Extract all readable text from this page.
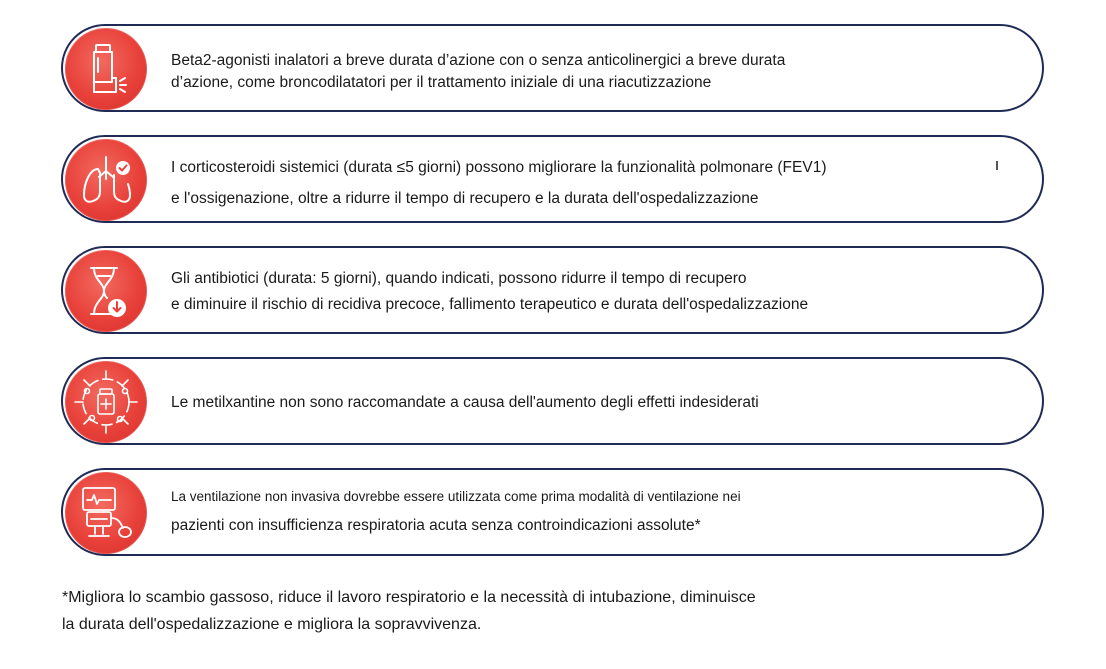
Beta2-agonisti inalatori a breve durata d’azione con o senza anticolinergici a breve durata
d’azione, come broncodilatatori per il trattamento iniziale di una riacutizzazione
I corticosteroidi sistemici (durata ≤5 giorni) possono migliorare la funzionalità polmonare (FEV1)
e l'ossigenazione, oltre a ridurre il tempo di recupero e la durata dell'ospedalizzazione
Gli antibiotici (durata: 5 giorni), quando indicati, possono ridurre il tempo di recupero
e diminuire il rischio di recidiva precoce, fallimento terapeutico e durata dell'ospedalizzazione
Le metilxantine non sono raccomandate a causa dell'aumento degli effetti indesiderati
La ventilazione non invasiva dovrebbe essere utilizzata come prima modalità di ventilazione nei
pazienti con insufficienza respiratoria acuta senza controindicazioni assolute*
*Migliora lo scambio gassoso, riduce il lavoro respiratorio e la necessità di intubazione, diminuisce
la durata dell'ospedalizzazione e migliora la sopravvivenza.
